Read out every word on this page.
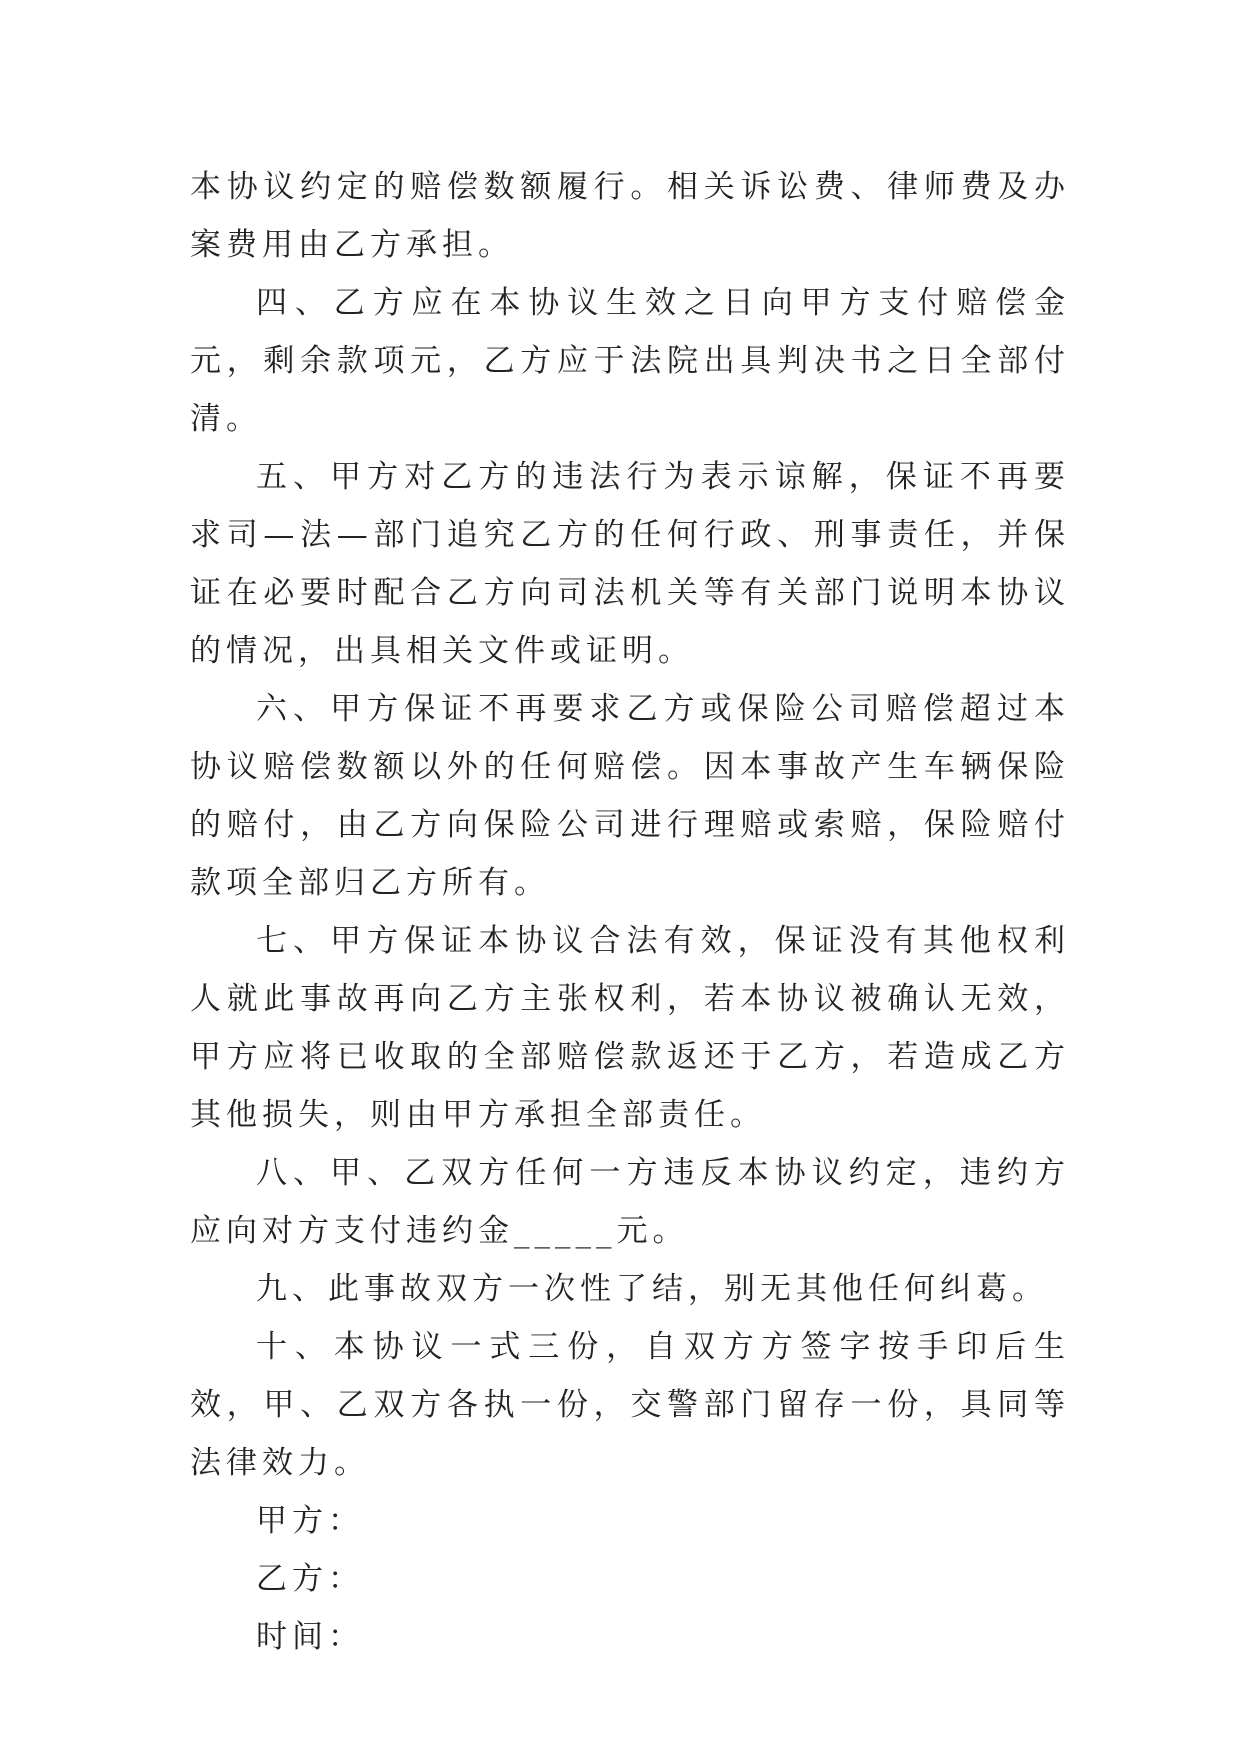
本协议约定的赔偿数额履行。相关诉讼费、律师费及办案费用由乙方承担。

四、乙方应在本协议生效之日向甲方支付赔偿金元，剩余款项元，乙方应于法院出具判决书之日全部付清。

五、甲方对乙方的违法行为表示谅解，保证不再要求司—法—部门追究乙方的任何行政、刑事责任，并保证在必要时配合乙方向司法机关等有关部门说明本协议的情况，出具相关文件或证明。

六、甲方保证不再要求乙方或保险公司赔偿超过本协议赔偿数额以外的任何赔偿。因本事故产生车辆保险的赔付，由乙方向保险公司进行理赔或索赔，保险赔付款项全部归乙方所有。

七、甲方保证本协议合法有效，保证没有其他权利人就此事故再向乙方主张权利，若本协议被确认无效，甲方应将已收取的全部赔偿款返还于乙方，若造成乙方其他损失，则由甲方承担全部责任。

八、甲、乙双方任何一方违反本协议约定，违约方应向对方支付违约金_____元。

九、此事故双方一次性了结，别无其他任何纠葛。

十、本协议一式三份，自双方方签字按手印后生效，甲、乙双方各执一份，交警部门留存一份，具同等法律效力。

甲方：

乙方：

时间：
